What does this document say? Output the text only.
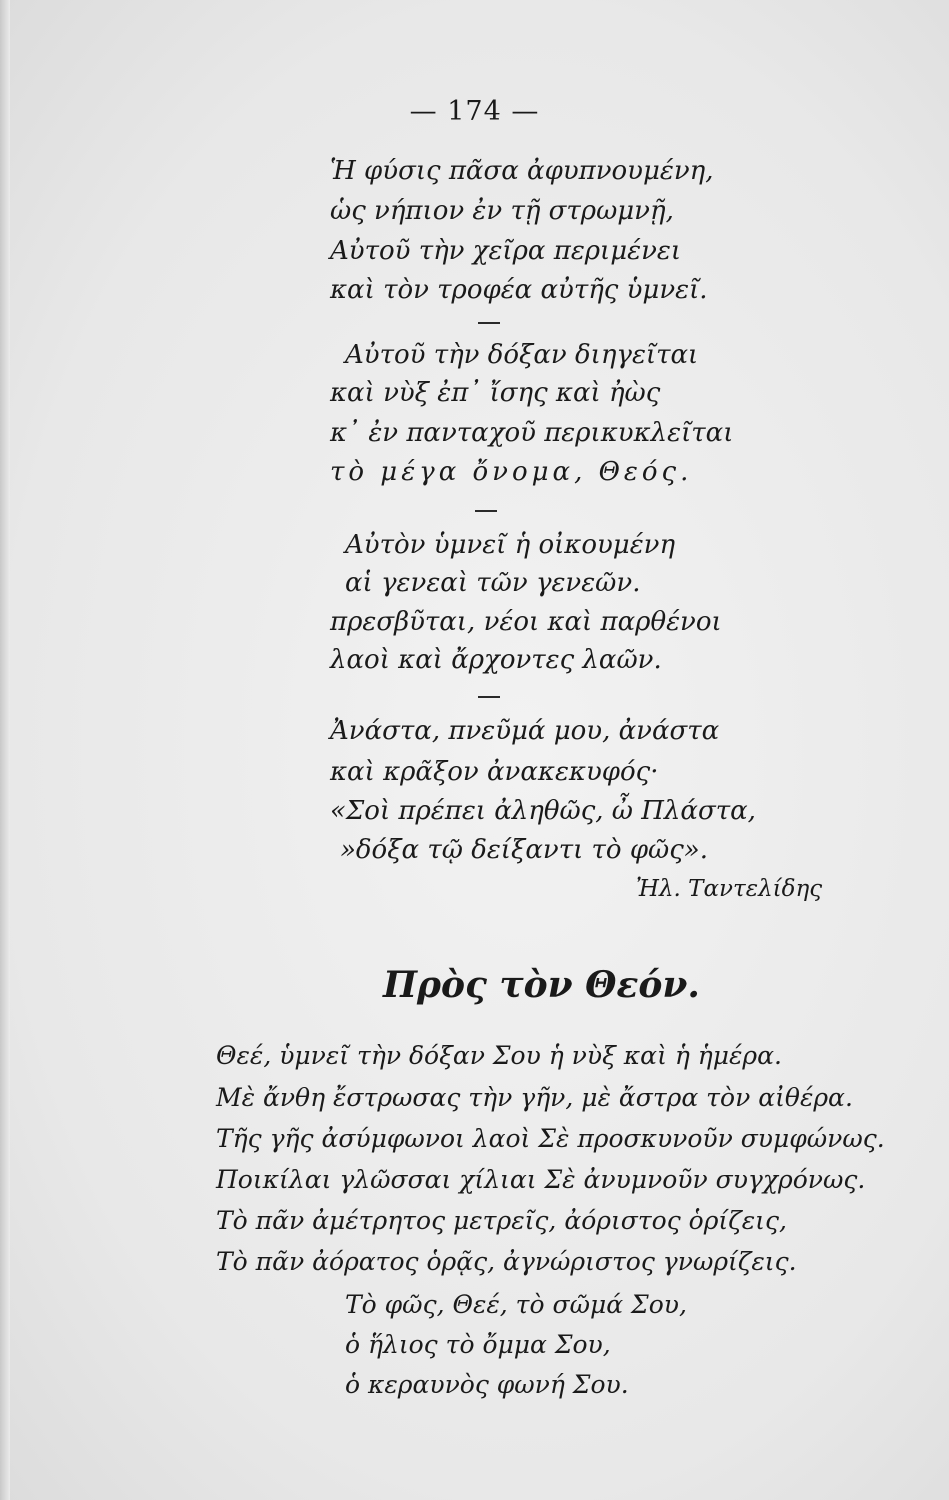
— 174 —
Ἡ φύσις πᾶσα ἀφυπνουμένη,
ὡς νήπιον ἐν τῇ στρωμνῇ,
Αὐτοῦ τὴν χεῖρα περιμένει
καὶ τὸν τροφέα αὐτῆς ὑμνεῖ.
Αὐτοῦ τὴν δόξαν διηγεῖται
καὶ νὺξ ἐπ᾽ ἴσης καὶ ἠὼς
κ᾽ ἐν πανταχοῦ περικυκλεῖται
τὸ μέγα ὄνομα, Θεός.
Αὐτὸν ὑμνεῖ ἡ οἰκουμένη
αἱ γενεαὶ τῶν γενεῶν.
πρεσβῦται, νέοι καὶ παρθένοι
λαοὶ καὶ ἄρχοντες λαῶν.
Ἀνάστα, πνεῦμά μου, ἀνάστα
καὶ κρᾶξον ἀνακεκυφός·
«Σοὶ πρέπει ἀληθῶς, ὦ Πλάστα,
»δόξα τῷ δείξαντι τὸ φῶς».
Ἠλ. Ταντελίδης
Πρὸς τὸν Θεόν.
Θεέ, ὑμνεῖ τὴν δόξαν Σου ἡ νὺξ καὶ ἡ ἡμέρα.
Μὲ ἄνθη ἔστρωσας τὴν γῆν, μὲ ἄστρα τὸν αἰθέρα.
Τῆς γῆς ἀσύμφωνοι λαοὶ Σὲ προσκυνοῦν συμφώνως.
Ποικίλαι γλῶσσαι χίλιαι Σὲ ἀνυμνοῦν συγχρόνως.
Τὸ πᾶν ἀμέτρητος μετρεῖς, ἀόριστος ὁρίζεις,
Τὸ πᾶν ἀόρατος ὁρᾷς, ἀγνώριστος γνωρίζεις.
Τὸ φῶς, Θεέ, τὸ σῶμά Σου,
ὁ ἥλιος τὸ ὄμμα Σου,
ὁ κεραυνὸς φωνή Σου.
